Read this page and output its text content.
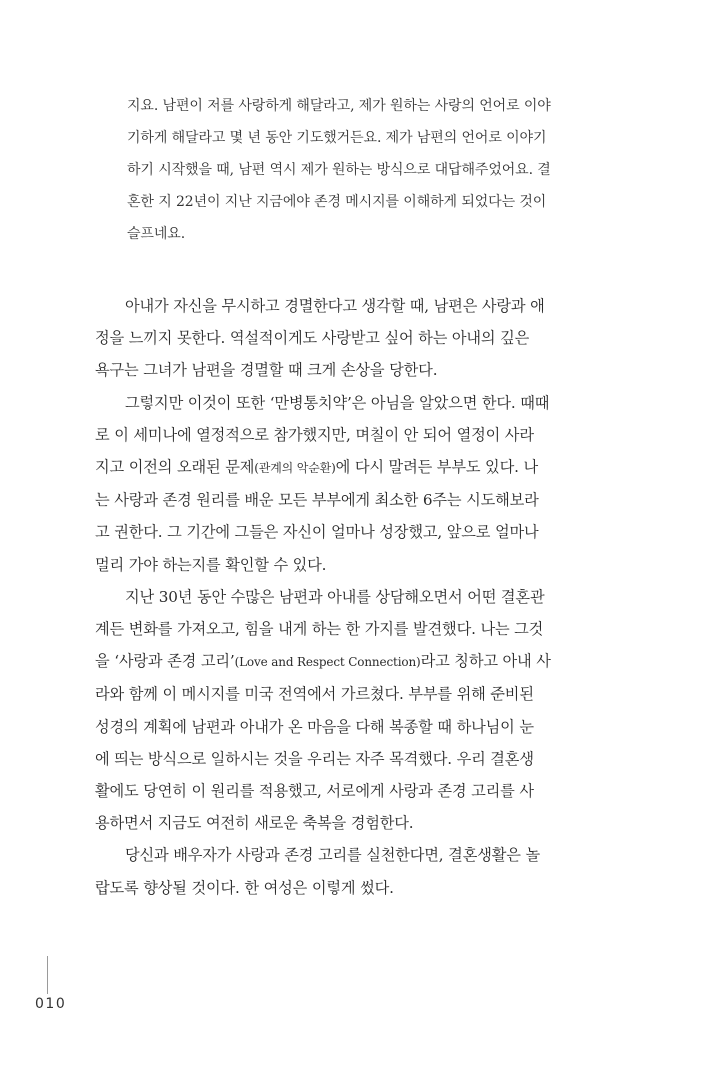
지요. 남편이 저를 사랑하게 해달라고, 제가 원하는 사랑의 언어로 이야
기하게 해달라고 몇 년 동안 기도했거든요. 제가 남편의 언어로 이야기
하기 시작했을 때, 남편 역시 제가 원하는 방식으로 대답해주었어요. 결
혼한 지 22년이 지난 지금에야 존경 메시지를 이해하게 되었다는 것이
슬프네요.
아내가 자신을 무시하고 경멸한다고 생각할 때, 남편은 사랑과 애
정을 느끼지 못한다. 역설적이게도 사랑받고 싶어 하는 아내의 깊은
욕구는 그녀가 남편을 경멸할 때 크게 손상을 당한다.
그렇지만 이것이 또한 ‘만병통치약’은 아님을 알았으면 한다. 때때
로 이 세미나에 열정적으로 참가했지만, 며칠이 안 되어 열정이 사라
지고 이전의 오래된 문제(관계의 악순환)에 다시 말려든 부부도 있다. 나
는 사랑과 존경 원리를 배운 모든 부부에게 최소한 6주는 시도해보라
고 권한다. 그 기간에 그들은 자신이 얼마나 성장했고, 앞으로 얼마나
멀리 가야 하는지를 확인할 수 있다.
지난 30년 동안 수많은 남편과 아내를 상담해오면서 어떤 결혼관
계든 변화를 가져오고, 힘을 내게 하는 한 가지를 발견했다. 나는 그것
을 ‘사랑과 존경 고리’(Love and Respect Connection)라고 칭하고 아내 사
라와 함께 이 메시지를 미국 전역에서 가르쳤다. 부부를 위해 준비된
성경의 계획에 남편과 아내가 온 마음을 다해 복종할 때 하나님이 눈
에 띄는 방식으로 일하시는 것을 우리는 자주 목격했다. 우리 결혼생
활에도 당연히 이 원리를 적용했고, 서로에게 사랑과 존경 고리를 사
용하면서 지금도 여전히 새로운 축복을 경험한다.
당신과 배우자가 사랑과 존경 고리를 실천한다면, 결혼생활은 놀
랍도록 향상될 것이다. 한 여성은 이렇게 썼다.
010
